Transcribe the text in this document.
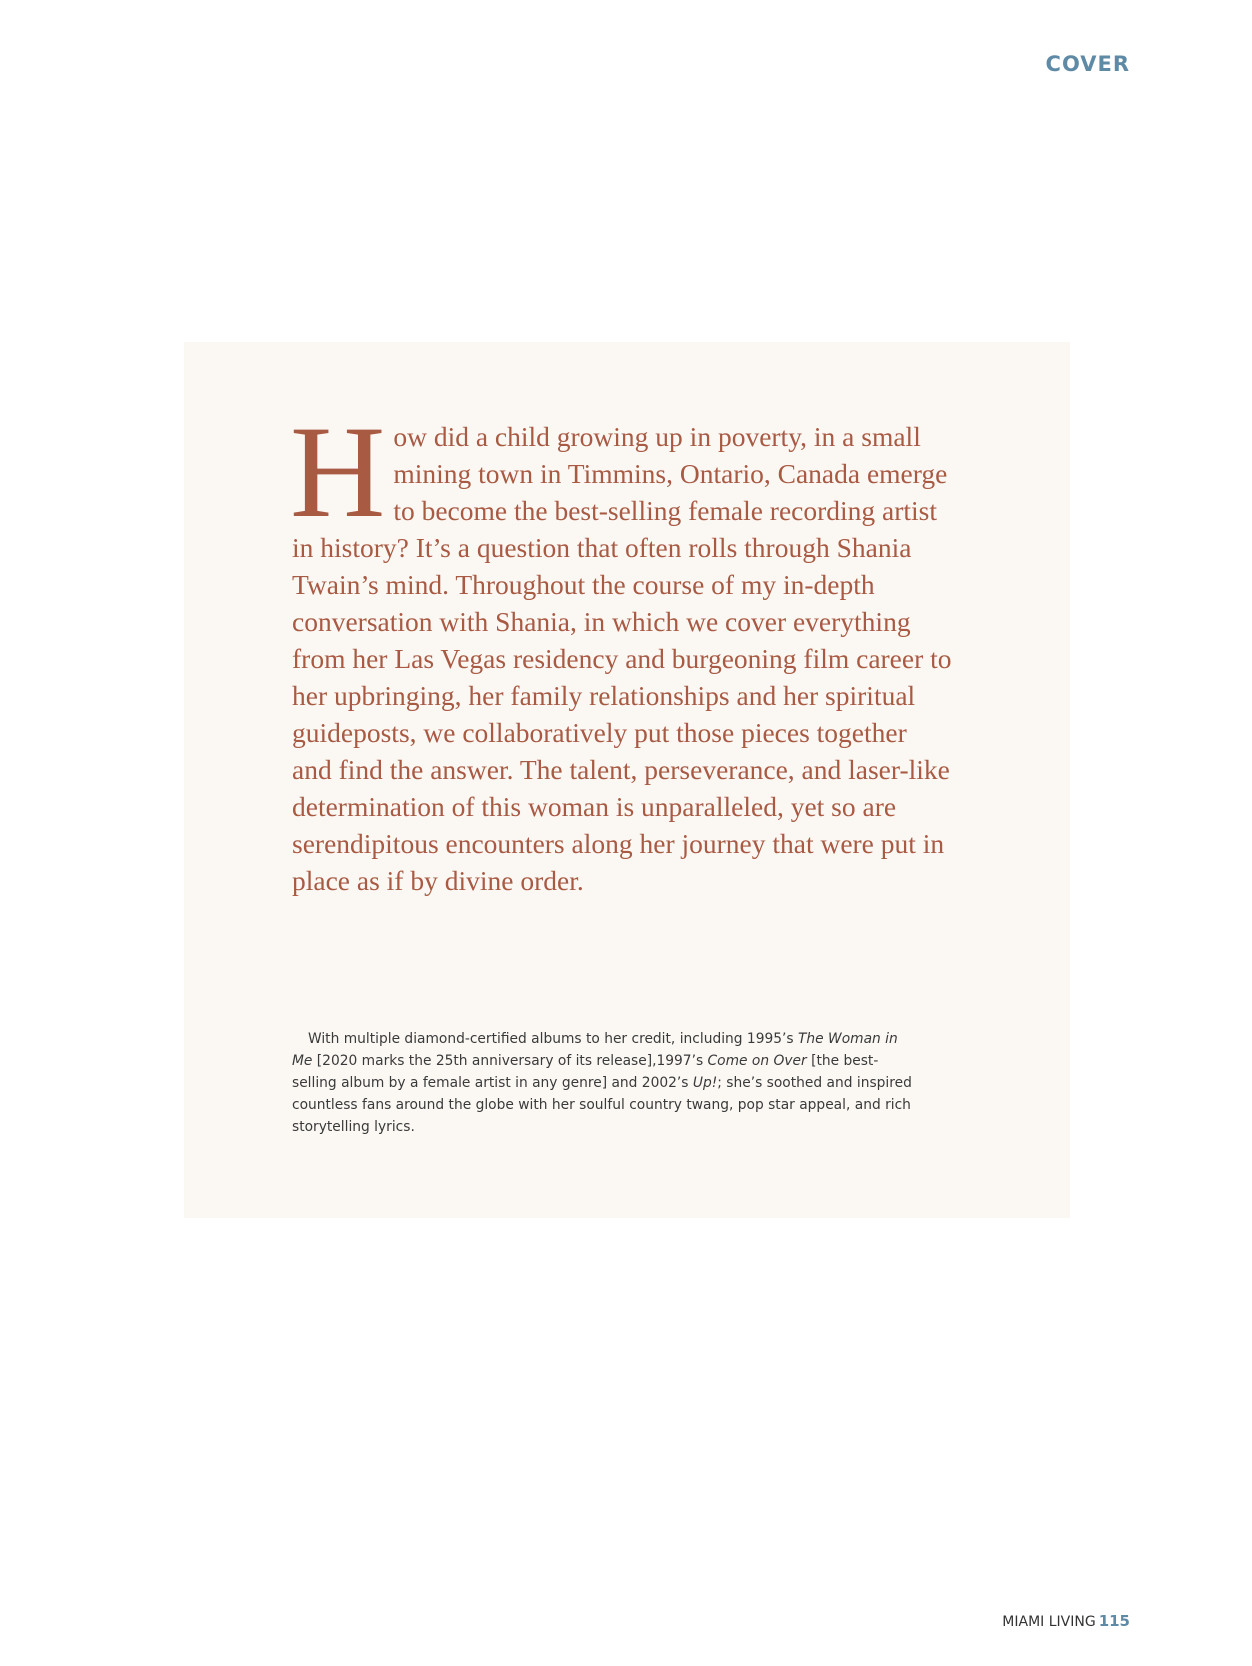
COVER

How did a child growing up in poverty, in a small mining town in Timmins, Ontario, Canada emerge to become the best-selling female recording artist in history? It’s a question that often rolls through Shania Twain’s mind. Throughout the course of my in-depth conversation with Shania, in which we cover everything from her Las Vegas residency and burgeoning film career to her upbringing, her family relationships and her spiritual guideposts, we collaboratively put those pieces together and find the answer. The talent, perseverance, and laser-like determination of this woman is unparalleled, yet so are serendipitous encounters along her journey that were put in place as if by divine order.

With multiple diamond-certified albums to her credit, including 1995’s The Woman in Me [2020 marks the 25th anniversary of its release],1997’s Come on Over [the best-selling album by a female artist in any genre] and 2002’s Up!; she’s soothed and inspired countless fans around the globe with her soulful country twang, pop star appeal, and rich storytelling lyrics.

MIAMI LIVING 115
